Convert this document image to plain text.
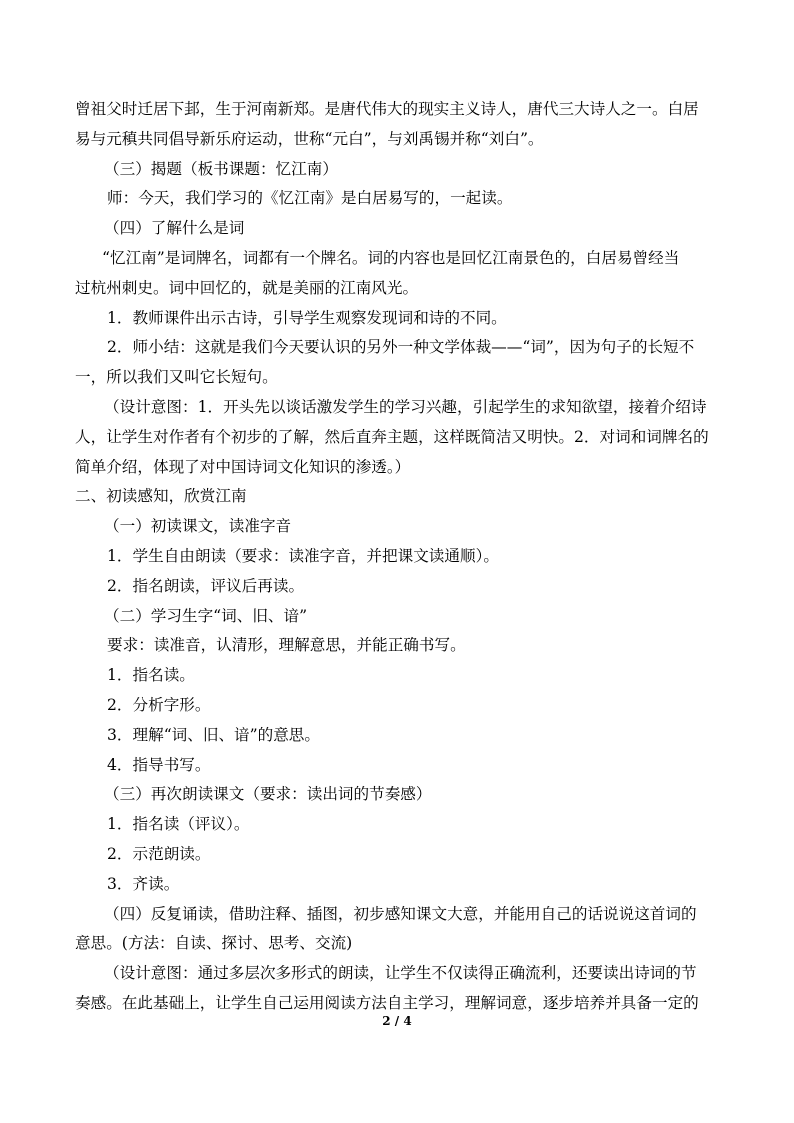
曾祖父时迁居下邽，生于河南新郑。是唐代伟大的现实主义诗人，唐代三大诗人之一。白居
易与元稹共同倡导新乐府运动，世称“元白”，与刘禹锡并称“刘白”。
（三）揭题（板书课题：忆江南）
师：今天，我们学习的《忆江南》是白居易写的，一起读。
（四）了解什么是词
“忆江南”是词牌名，词都有一个牌名。词的内容也是回忆江南景色的，白居易曾经当
过杭州刺史。词中回忆的，就是美丽的江南风光。
1．教师课件出示古诗，引导学生观察发现词和诗的不同。
2．师小结：这就是我们今天要认识的另外一种文学体裁——“词”，因为句子的长短不
一，所以我们又叫它长短句。
（设计意图：1．开头先以谈话激发学生的学习兴趣，引起学生的求知欲望，接着介绍诗
人，让学生对作者有个初步的了解，然后直奔主题，这样既简洁又明快。2．对词和词牌名的
简单介绍，体现了对中国诗词文化知识的渗透。）
二、初读感知，欣赏江南
（一）初读课文，读准字音
1．学生自由朗读（要求：读准字音，并把课文读通顺）。
2．指名朗读，评议后再读。
（二）学习生字“词、旧、谙”
要求：读准音，认清形，理解意思，并能正确书写。
1．指名读。
2．分析字形。
3．理解“词、旧、谙”的意思。
4．指导书写。
（三）再次朗读课文（要求：读出词的节奏感）
1．指名读（评议）。
2．示范朗读。
3．齐读。
（四）反复诵读，借助注释、插图，初步感知课文大意，并能用自己的话说说这首词的
意思。(方法：自读、探讨、思考、交流)
（设计意图：通过多层次多形式的朗读，让学生不仅读得正确流利，还要读出诗词的节
奏感。在此基础上，让学生自己运用阅读方法自主学习，理解词意，逐步培养并具备一定的
2 / 4
